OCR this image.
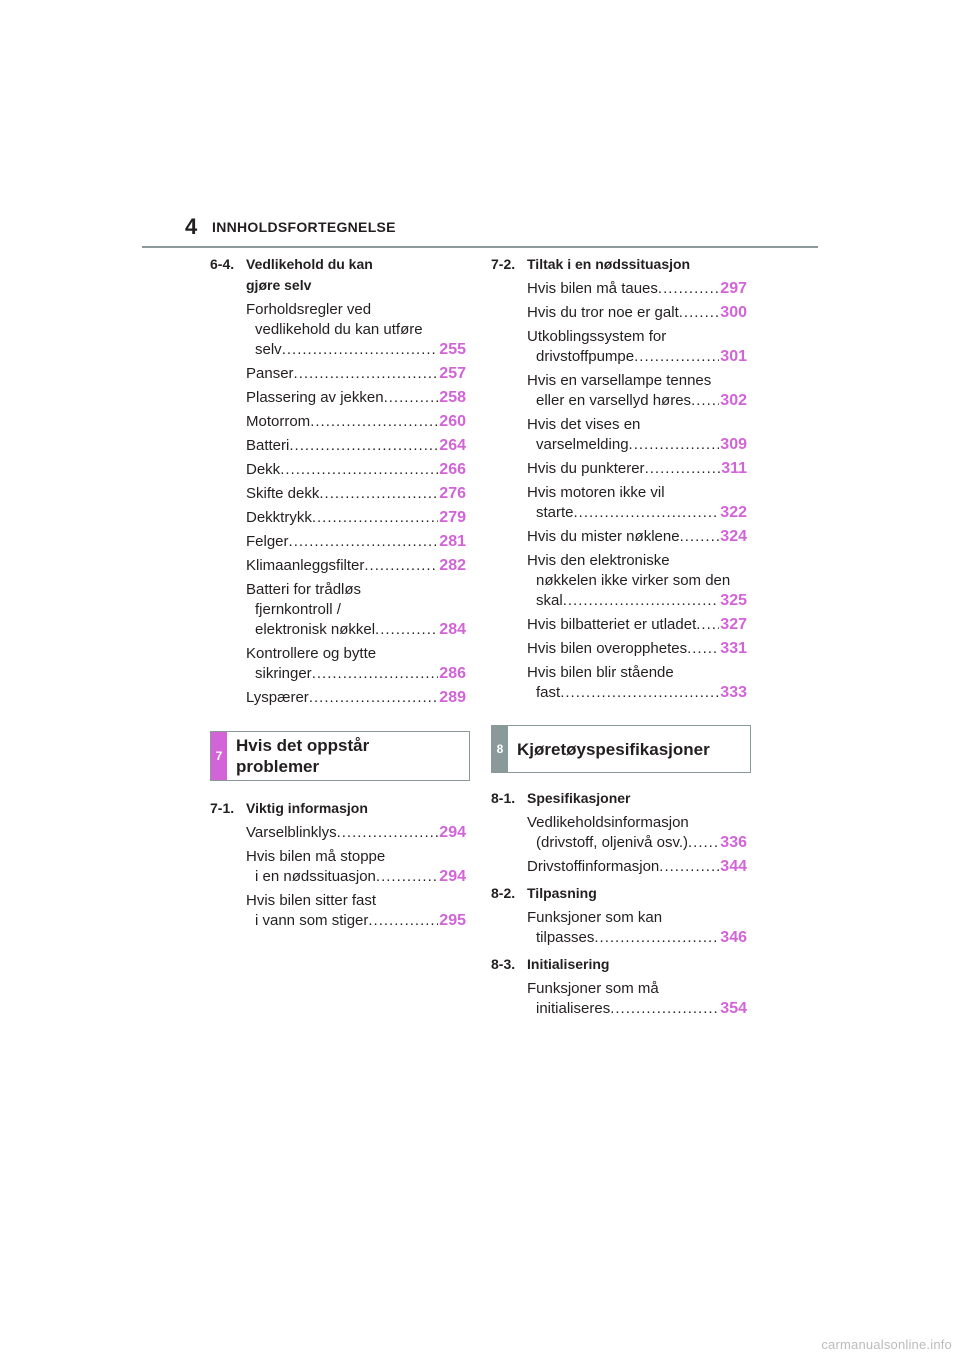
4 INNHOLDSFORTEGNELSE
6-4. Vedlikehold du kan
gjøre selv
Forholdsregler ved
vedlikehold du kan utføre
selv .....	255
Panser .....	257
Plassering av jekken .....	258
Motorrom .....	260
Batteri .....	264
Dekk .....	266
Skifte dekk .....	276
Dekktrykk .....	279
Felger .....	281
Klimaanleggsfilter .....	282
Batteri for trådløs
fjernkontroll /
elektronisk nøkkel .....	284
Kontrollere og bytte
sikringer .....	286
Lyspærer .....	289
7
Hvis det oppstår
problemer
7-1. Viktig informasjon
Varselblinklys .....	294
Hvis bilen må stoppe
i en nødssituasjon .....	294
Hvis bilen sitter fast
i vann som stiger .....	295
7-2. Tiltak i en nødssituasjon
Hvis bilen må taues .....	297
Hvis du tror noe er galt .....	300
Utkoblingssystem for
drivstoffpumpe .....	301
Hvis en varsellampe tennes
eller en varsellyd høres ..... 302
Hvis det vises en
varselmelding .....	309
Hvis du punkterer .....	311
Hvis motoren ikke vil
starte .....	322
Hvis du mister nøklene .....	324
Hvis den elektroniske
nøkkelen ikke virker som den
skal .....	325
Hvis bilbatteriet er utladet ..... 327
Hvis bilen overopphetes ..... 331
Hvis bilen blir stående
fast .....	333
8 Kjøretøyspesifikasjoner
8-1. Spesifikasjoner
Vedlikeholdsinformasjon
(drivstoff, oljenivå osv.) ..... 336
Drivstoffinformasjon .....	344
8-2. Tilpasning
Funksjoner som kan
tilpasses .....	346
8-3. Initialisering
Funksjoner som må
initialiseres .....	354
carmanualsonline.info
